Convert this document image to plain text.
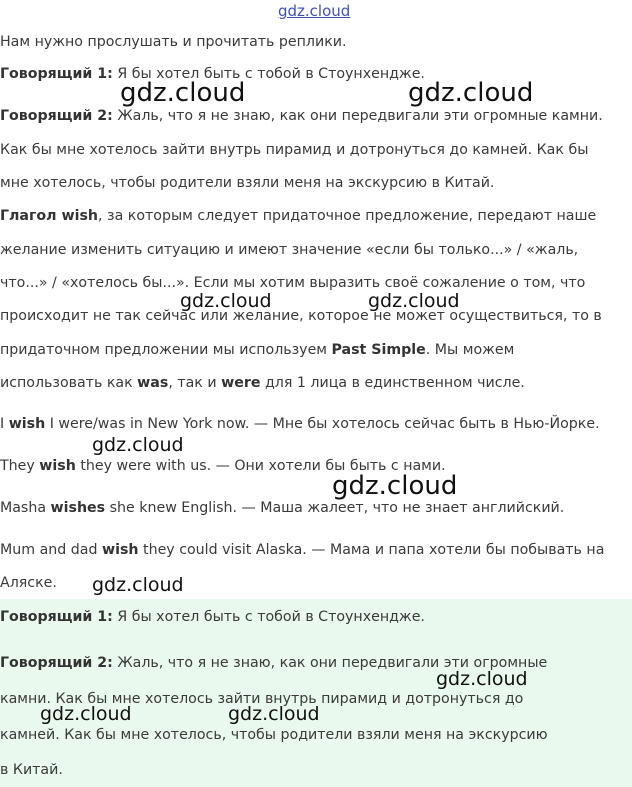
Нам нужно прослушать и прочитать реплики.
Говорящий 1: Я бы хотел быть с тобой в Стоунхендже.
Говорящий 2: Жаль, что я не знаю, как они передвигали эти огромные камни.
Как бы мне хотелось зайти внутрь пирамид и дотронуться до камней. Как бы
мне хотелось, чтобы родители взяли меня на экскурсию в Китай.
Глагол wish, за которым следует придаточное предложение, передают наше
желание изменить ситуацию и имеют значение «если бы только...» / «жаль,
что...» / «хотелось бы...». Если мы хотим выразить своё сожаление о том, что
происходит не так сейчас или желание, которое не может осуществиться, то в
придаточном предложении мы используем Past Simple. Мы можем
использовать как was, так и were для 1 лица в единственном числе.
I wish I were/was in New York now. — Мне бы хотелось сейчас быть в Нью-Йорке.
They wish they were with us. — Они хотели бы быть с нами.
Masha wishes she knew English. — Маша жалеет, что не знает английский.
Mum and dad wish they could visit Alaska. — Мама и папа хотели бы побывать на
Аляске.
Говорящий 1: Я бы хотел быть с тобой в Стоунхендже.
Говорящий 2: Жаль, что я не знаю, как они передвигали эти огромные
камни. Как бы мне хотелось зайти внутрь пирамид и дотронуться до
камней. Как бы мне хотелось, чтобы родители взяли меня на экскурсию
в Китай.
gdz.cloud
gdz.cloud	gdz.cloud
gdz.cloud	gdz.cloud
gdz.cloud
gdz.cloud
gdz.cloud
gdz.cloud
gdz.cloud	gdz.cloud
